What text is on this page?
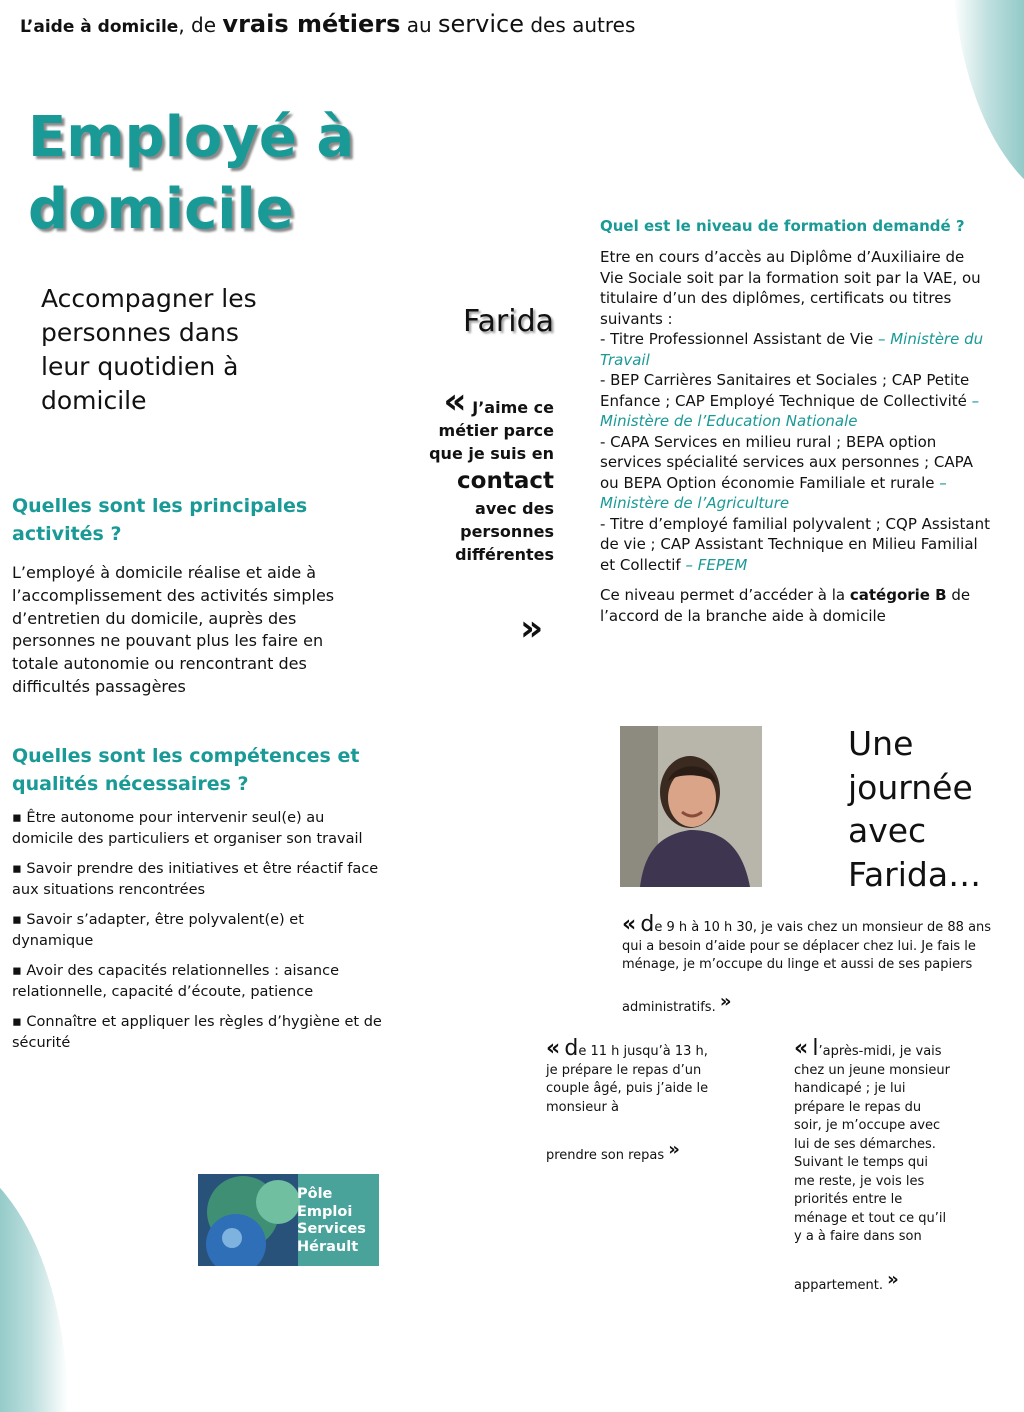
L’aide à domicile, de vrais métiers au service des autres
Employé à
domicile
Accompagner les personnes dans leur quotidien à domicile
Quelles sont les principales activités ?
L’employé à domicile réalise et aide à l’accomplissement des activités simples d’entretien du domicile, auprès des personnes ne pouvant plus les faire en totale autonomie ou rencontrant des difficultés passagères
Quelles sont les compétences et qualités nécessaires ?

▪ Être autonome pour intervenir seul(e) au domicile des particuliers et organiser son travail

▪ Savoir prendre des initiatives et être réactif face aux situations rencontrées

▪ Savoir s’adapter, être polyvalent(e) et dynamique

▪ Avoir des capacités relationnelles : aisance relationnelle, capacité d’écoute, patience

▪ Connaître et appliquer les règles d’hygiène et de sécurité

Farida
« J’aime ce métier parce que je suis en
contact
avec des personnes différentes
»
Quel est le niveau de formation demandé ?
Etre en cours d’accès au Diplôme d’Auxiliaire de Vie Sociale soit par la formation soit par la VAE, ou titulaire d’un des diplômes, certificats ou titres suivants :
- Titre Professionnel Assistant de Vie – Ministère du Travail
- BEP Carrières Sanitaires et Sociales ; CAP Petite Enfance ; CAP Employé Technique de Collectivité – Ministère de l’Education Nationale
- CAPA Services en milieu rural ; BEPA option services spécialité services aux personnes ; CAPA ou BEPA Option économie Familiale et rurale – Ministère de l’Agriculture
- Titre d’employé familial polyvalent ; CQP Assistant de vie ; CAP Assistant Technique en Milieu Familial et Collectif – FEPEM
Ce niveau permet d’accéder à la catégorie B de l’accord de la branche aide à domicile
Une journée avec Farida…
« de 9 h à 10 h 30, je vais chez un monsieur de 88 ans qui a besoin d’aide pour se déplacer chez lui. Je fais le ménage, je m’occupe du linge et aussi de ses papiers
administratifs. »
« de 11 h jusqu’à 13 h, je prépare le repas d’un couple âgé, puis j’aide le monsieur à
prendre son repas »
« l’après-midi, je vais chez un jeune monsieur handicapé ; je lui prépare le repas du soir, je m’occupe avec lui de ses démarches. Suivant le temps qui me reste, je vois les priorités entre le ménage et tout ce qu’il y a à faire dans son
appartement. »
Pôle
Emploi
Services
Hérault
